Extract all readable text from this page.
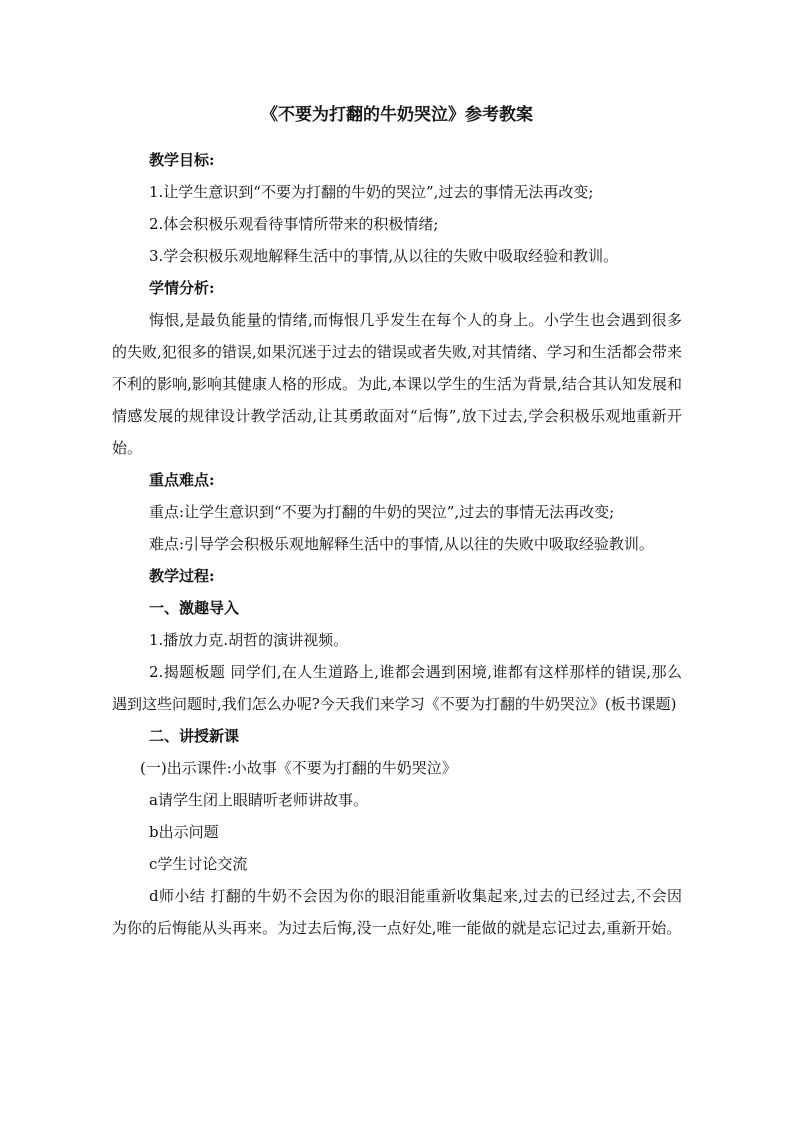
《不要为打翻的牛奶哭泣》参考教案

教学目标:

1.让学生意识到“不要为打翻的牛奶的哭泣”,过去的事情无法再改变;

2.体会积极乐观看待事情所带来的积极情绪;

3.学会积极乐观地解释生活中的事情,从以往的失败中吸取经验和教训。

学情分析:

悔恨,是最负能量的情绪,而悔恨几乎发生在每个人的身上。小学生也会遇到很多的失败,犯很多的错误,如果沉迷于过去的错误或者失败,对其情绪、学习和生活都会带来不利的影响,影响其健康人格的形成。为此,本课以学生的生活为背景,结合其认知发展和情感发展的规律设计教学活动,让其勇敢面对“后悔”,放下过去,学会积极乐观地重新开始。

重点难点:

重点:让学生意识到“不要为打翻的牛奶的哭泣”,过去的事情无法再改变;

难点:引导学会积极乐观地解释生活中的事情,从以往的失败中吸取经验教训。

教学过程:

一、激趣导入

1.播放力克.胡哲的演讲视频。

2.揭题板题 同学们,在人生道路上,谁都会遇到困境,谁都有这样那样的错误,那么遇到这些问题时,我们怎么办呢?今天我们来学习《不要为打翻的牛奶哭泣》(板书课题)

二、讲授新课

(一)出示课件:小故事《不要为打翻的牛奶哭泣》

a请学生闭上眼睛听老师讲故事。

b出示问题

c学生讨论交流

d师小结 打翻的牛奶不会因为你的眼泪能重新收集起来,过去的已经过去,不会因为你的后悔能从头再来。为过去后悔,没一点好处,唯一能做的就是忘记过去,重新开始。
